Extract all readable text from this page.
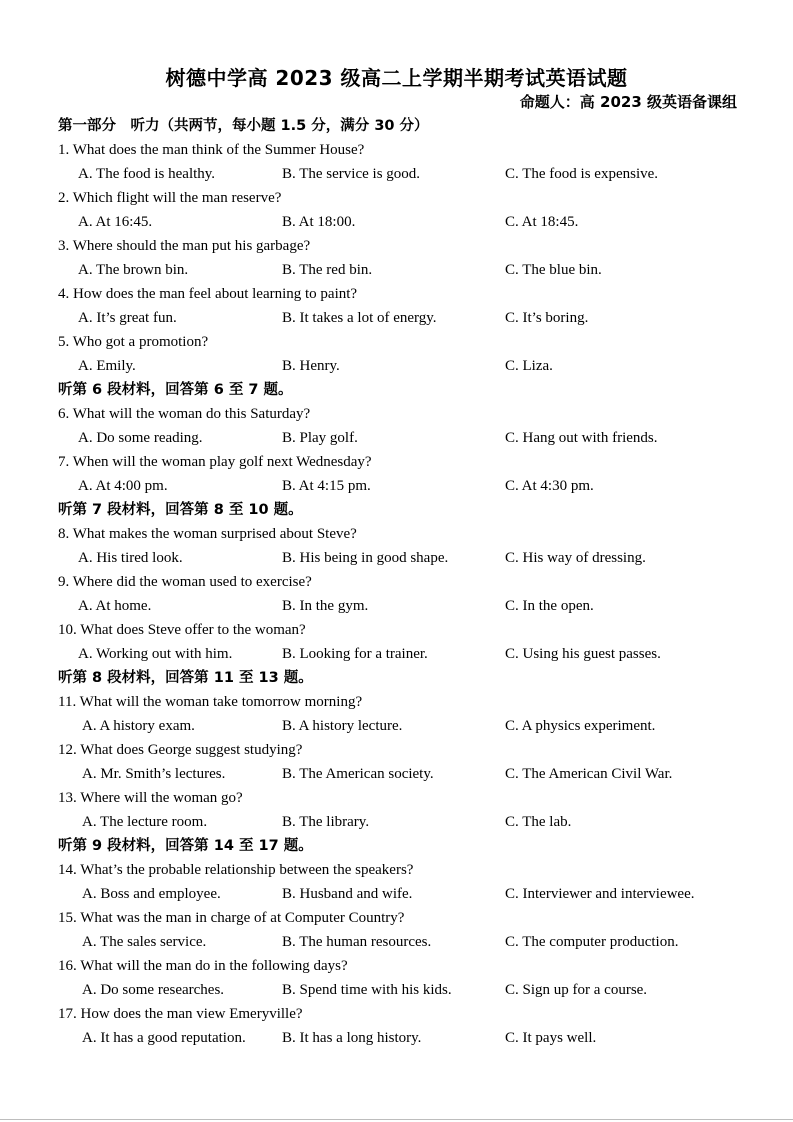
树德中学高 2023 级高二上学期半期考试英语试题
命题人：高 2023 级英语备课组
第一部分　听力（共两节，每小题 1.5 分，满分 30 分）
1. What does the man think of the Summer House?
A. The food is healthy.	B. The service is good.	C. The food is expensive.
2. Which flight will the man reserve?
A. At 16:45.	B. At 18:00.	C. At 18:45.
3. Where should the man put his garbage?
A. The brown bin.	B. The red bin.	C. The blue bin.
4. How does the man feel about learning to paint?
A. It’s great fun.	B. It takes a lot of energy.	C. It’s boring.
5. Who got a promotion?
A. Emily.	B. Henry.	C. Liza.
听第 6 段材料，回答第 6 至 7 题。
6. What will the woman do this Saturday?
A. Do some reading.	B. Play golf.	C. Hang out with friends.
7. When will the woman play golf next Wednesday?
A. At 4:00 pm.	B. At 4:15 pm.	C. At 4:30 pm.
听第 7 段材料，回答第 8 至 10 题。
8. What makes the woman surprised about Steve?
A. His tired look.	B. His being in good shape.	C. His way of dressing.
9. Where did the woman used to exercise?
A. At home.	B. In the gym.	C. In the open.
10. What does Steve offer to the woman?
A. Working out with him.	B. Looking for a trainer.	C. Using his guest passes.
听第 8 段材料，回答第 11 至 13 题。
11. What will the woman take tomorrow morning?
A. A history exam.	B. A history lecture.	C. A physics experiment.
12. What does George suggest studying?
A. Mr. Smith’s lectures.	B. The American society.	C. The American Civil War.
13. Where will the woman go?
A. The lecture room.	B. The library.	C. The lab.
听第 9 段材料，回答第 14 至 17 题。
14. What’s the probable relationship between the speakers?
A. Boss and employee.	B. Husband and wife.	C. Interviewer and interviewee.
15. What was the man in charge of at Computer Country?
A. The sales service.	B. The human resources.	C. The computer production.
16. What will the man do in the following days?
A. Do some researches.	B. Spend time with his kids.	C. Sign up for a course.
17. How does the man view Emeryville?
A. It has a good reputation. B. It has a long history.	C. It pays well.
